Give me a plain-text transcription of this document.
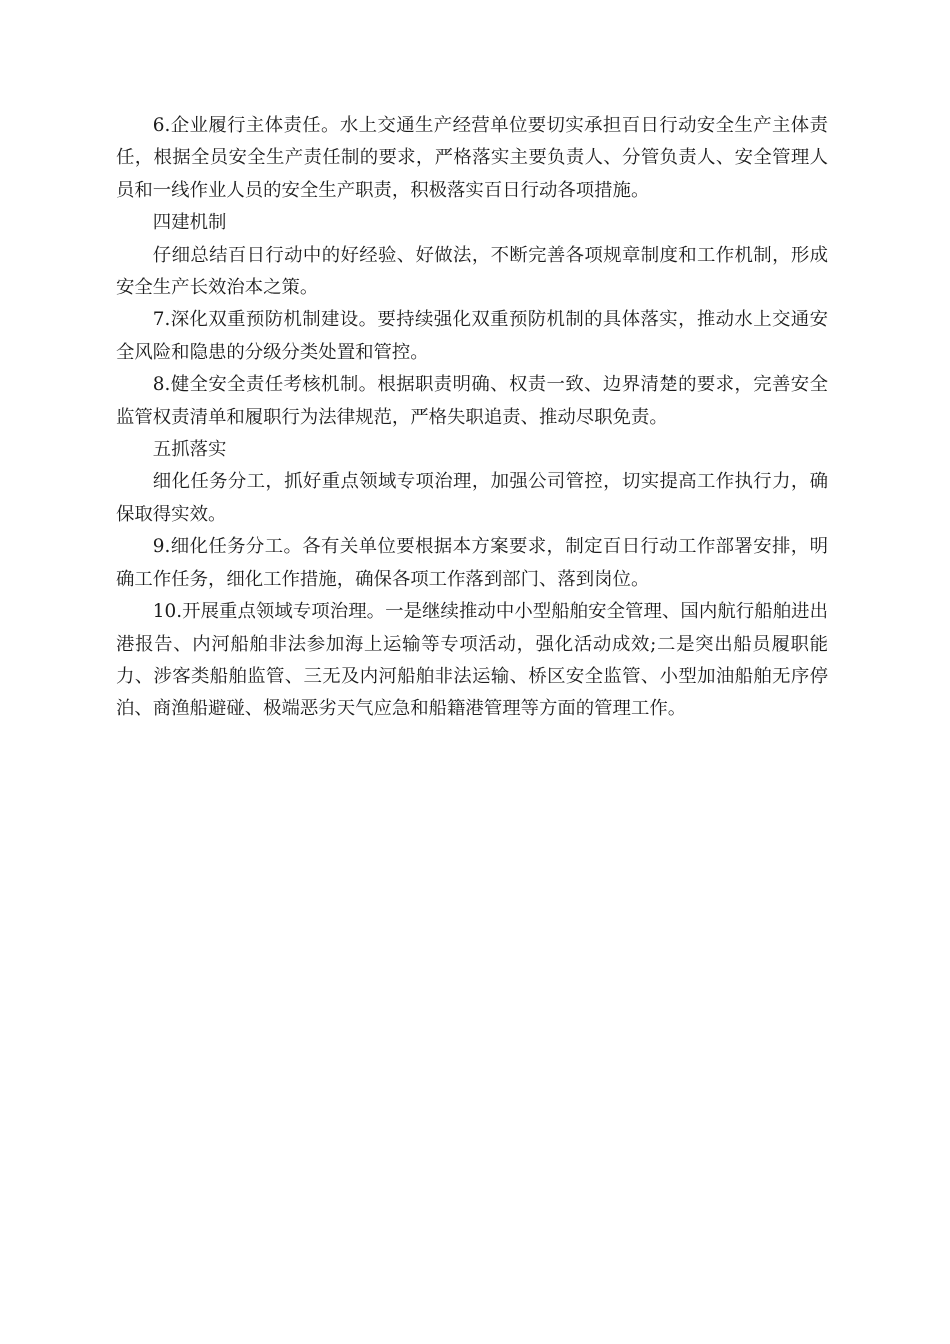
6.企业履行主体责任。水上交通生产经营单位要切实承担百日行动安全生产主体责任，根据全员安全生产责任制的要求，严格落实主要负责人、分管负责人、安全管理人员和一线作业人员的安全生产职责，积极落实百日行动各项措施。

四建机制

仔细总结百日行动中的好经验、好做法，不断完善各项规章制度和工作机制，形成安全生产长效治本之策。

7.深化双重预防机制建设。要持续强化双重预防机制的具体落实，推动水上交通安全风险和隐患的分级分类处置和管控。

8.健全安全责任考核机制。根据职责明确、权责一致、边界清楚的要求，完善安全监管权责清单和履职行为法律规范，严格失职追责、推动尽职免责。

五抓落实

细化任务分工，抓好重点领域专项治理，加强公司管控，切实提高工作执行力，确保取得实效。

9.细化任务分工。各有关单位要根据本方案要求，制定百日行动工作部署安排，明确工作任务，细化工作措施，确保各项工作落到部门、落到岗位。

10.开展重点领域专项治理。一是继续推动中小型船舶安全管理、国内航行船舶进出港报告、内河船舶非法参加海上运输等专项活动，强化活动成效;二是突出船员履职能力、涉客类船舶监管、三无及内河船舶非法运输、桥区安全监管、小型加油船舶无序停泊、商渔船避碰、极端恶劣天气应急和船籍港管理等方面的管理工作。
